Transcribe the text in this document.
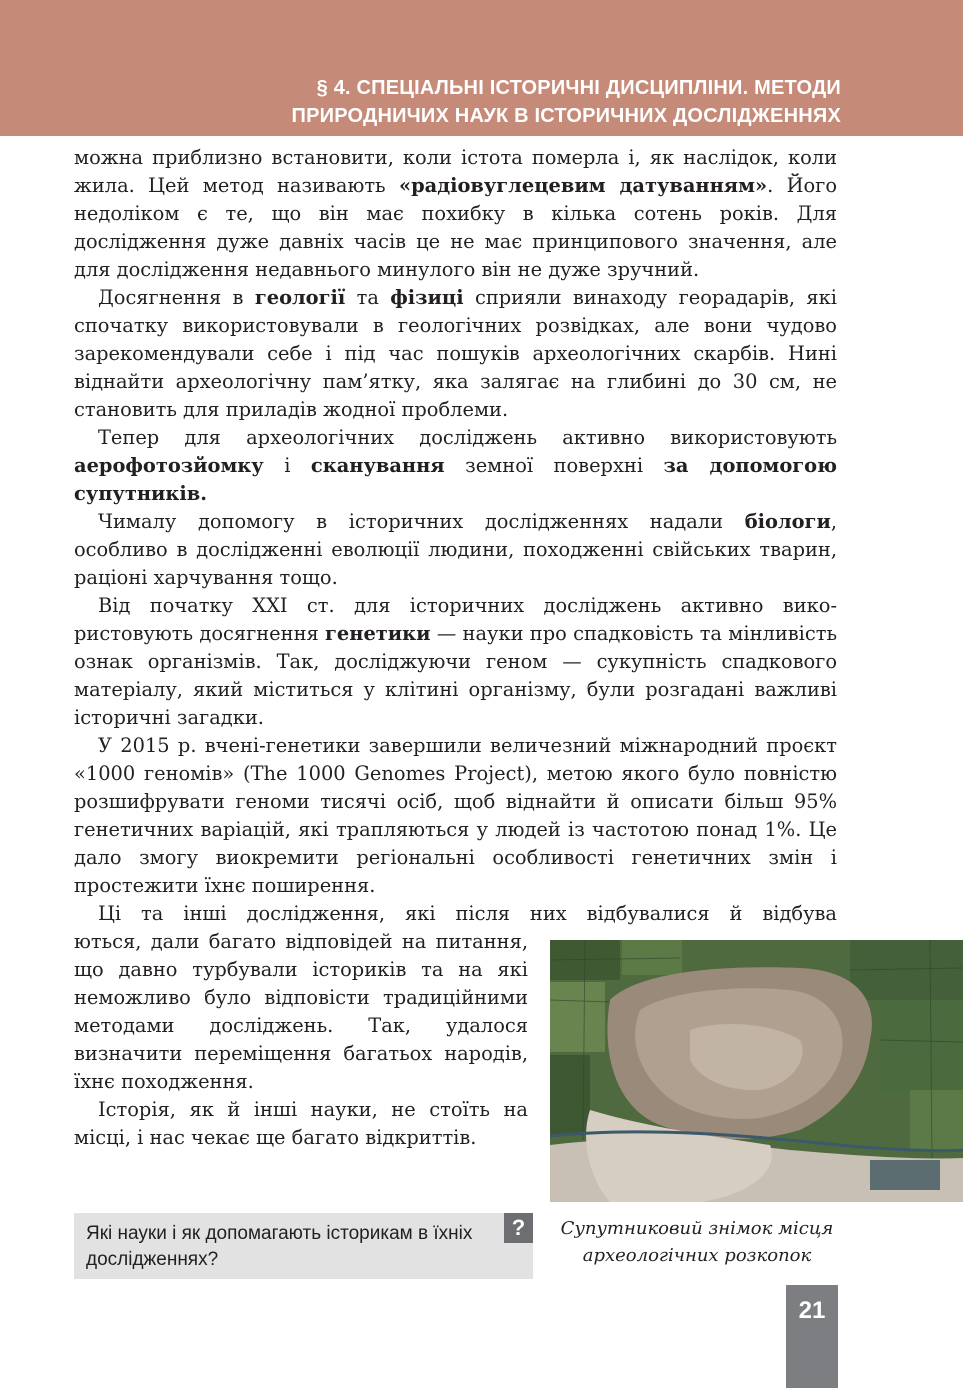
§ 4. СПЕЦІАЛЬНІ ІСТОРИЧНІ ДИСЦИПЛІНИ. МЕТОДИ
ПРИРОДНИЧИХ НАУК В ІСТОРИЧНИХ ДОСЛІДЖЕННЯХ

можна приблизно встановити, коли істота померла і, як наслідок, коли жила. Цей метод називають «радіовуглецевим датуванням». Його недоліком є те, що він має похибку в кілька сотень років. Для дослідження дуже давніх часів це не має принципового значення, але для дослідження недавнього минулого він не дуже зручний.

Досягнення в геології та фізиці сприяли винаходу георадарів, які спочатку використовували в геологічних розвідках, але вони чудово зарекомендували себе і під час пошуків археологічних скарбів. Нині віднайти археологічну пам’ятку, яка залягає на глибині до 30 см, не становить для приладів жодної проблеми.

Тепер для археологічних досліджень активно використовують аерофотозйомку і сканування земної поверхні за допомогою супутників.

Чималу допомогу в історичних дослідженнях надали біологи, особливо в дослідженні еволюції людини, походженні свійських тварин, раціоні харчування тощо.

Від початку XXI ст. для історичних досліджень активно використовують досягнення генетики — науки про спадковість та мінливість ознак організмів. Так, досліджуючи геном — сукупність спадкового матеріалу, який міститься у клітині організму, були розгадані важливі історичні загадки.

У 2015 р. вчені-генетики завершили величезний міжнародний проєкт «1000 геномів» (The 1000 Genomes Project), метою якого було повністю розшифрувати геноми тисячі осіб, щоб віднайти й описати більш 95% генетичних варіацій, які трапляються у людей із частотою понад 1%. Це дало змогу виокремити регіональні особливості генетичних змін і простежити їхнє поширення.

Ці та інші дослідження, які після них відбувалися й відбува

ються, дали багато відповідей на питання, що давно турбували істориків та на які неможливо було відповісти традиційними методами досліджень. Так, удалося визначити переміщення багатьох народів, їхнє походження.

Історія, як й інші науки, не стоїть на місці, і нас чекає ще багато відкриттів.

Супутниковий знімок місця археологічних розкопок
Які науки і як допомагають історикам в їхніх дослідженнях?
?
21
